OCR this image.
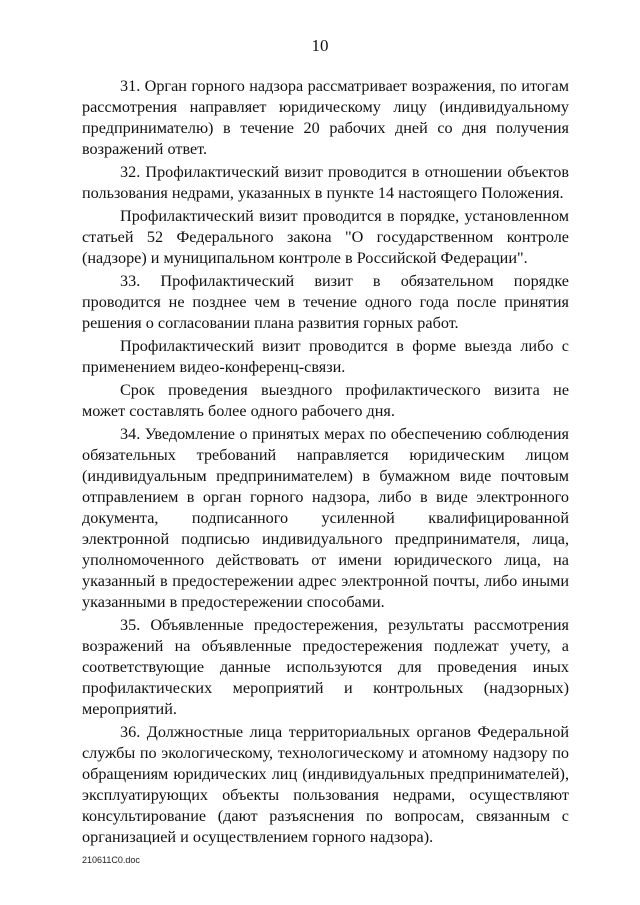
10

31. Орган горного надзора рассматривает возражения, по итогам рассмотрения направляет юридическому лицу (индивидуальному предпринимателю) в течение 20 рабочих дней со дня получения возражений ответ.

32. Профилактический визит проводится в отношении объектов пользования недрами, указанных в пункте 14 настоящего Положения.

Профилактический визит проводится в порядке, установленном статьей 52 Федерального закона "О государственном контроле (надзоре) и муниципальном контроле в Российской Федерации".

33. Профилактический визит в обязательном порядке проводится не позднее чем в течение одного года после принятия решения о согласовании плана развития горных работ.

Профилактический визит проводится в форме выезда либо с применением видео-конференц-связи.

Срок проведения выездного профилактического визита не может составлять более одного рабочего дня.

34. Уведомление о принятых мерах по обеспечению соблюдения обязательных требований направляется юридическим лицом (индивидуальным предпринимателем) в бумажном виде почтовым отправлением в орган горного надзора, либо в виде электронного документа, подписанного усиленной квалифицированной электронной подписью индивидуального предпринимателя, лица, уполномоченного действовать от имени юридического лица, на указанный в предостережении адрес электронной почты, либо иными указанными в предостережении способами.

35. Объявленные предостережения, результаты рассмотрения возражений на объявленные предостережения подлежат учету, а соответствующие данные используются для проведения иных профилактических мероприятий и контрольных (надзорных) мероприятий.

36. Должностные лица территориальных органов Федеральной службы по экологическому, технологическому и атомному надзору по обращениям юридических лиц (индивидуальных предпринимателей), эксплуатирующих объекты пользования недрами, осуществляют консультирование (дают разъяснения по вопросам, связанным с организацией и осуществлением горного надзора).

210611C0.doc
